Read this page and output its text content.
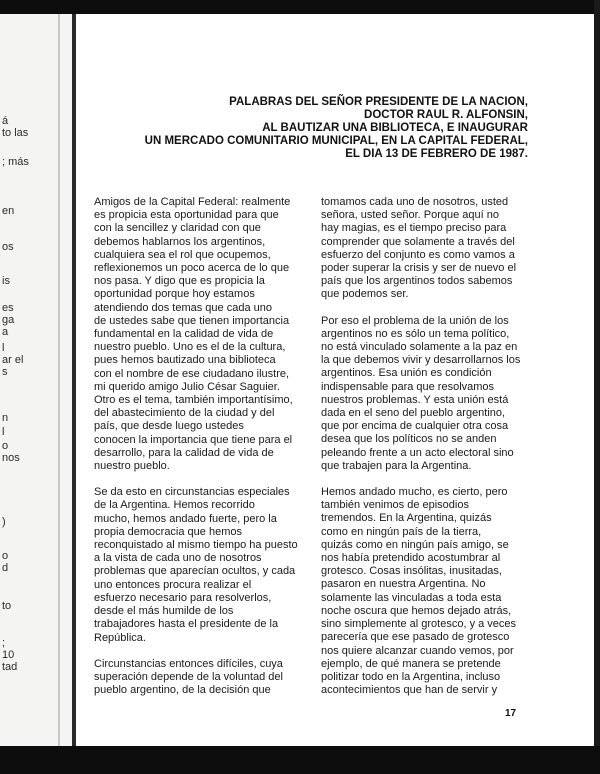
á
to las
; más
en
os
is
es
ga
a
l
ar el
s
n
l
o
nos
)
o
d
to
;
10
tad
PALABRAS DEL SEÑOR PRESIDENTE DE LA NACION,
DOCTOR RAUL R. ALFONSIN,
AL BAUTIZAR UNA BIBLIOTECA, E INAUGURAR
UN MERCADO COMUNITARIO MUNICIPAL, EN LA CAPITAL FEDERAL,
EL DIA 13 DE FEBRERO DE 1987.

Amigos de la Capital Federal: realmente
es propicia esta oportunidad para que
con la sencillez y claridad con que
debemos hablarnos los argentinos,
cualquiera sea el rol que ocupemos,
reflexionemos un poco acerca de lo que
nos pasa. Y digo que es propicia la
oportunidad porque hoy estamos
atendiendo dos temas que cada uno
de ustedes sabe que tienen importancia
fundamental en la calidad de vida de
nuestro pueblo. Uno es el de la cultura,
pues hemos bautizado una biblioteca
con el nombre de ese ciudadano ilustre,
mi querido amigo Julio César Saguier.
Otro es el tema, también importantísimo,
del abastecimiento de la ciudad y del
país, que desde luego ustedes
conocen la importancia que tiene para el
desarrollo, para la calidad de vida de
nuestro pueblo.

Se da esto en circunstancias especiales
de la Argentina. Hemos recorrido
mucho, hemos andado fuerte, pero la
propia democracia que hemos
reconquistado al mismo tiempo ha puesto
a la vista de cada uno de nosotros
problemas que aparecían ocultos, y cada
uno entonces procura realizar el
esfuerzo necesario para resolverlos,
desde el más humilde de los
trabajadores hasta el presidente de la
República.

Circunstancias entonces difíciles, cuya
superación depende de la voluntad del
pueblo argentino, de la decisión que

tomamos cada uno de nosotros, usted
señora, usted señor. Porque aquí no
hay magias, es el tiempo preciso para
comprender que solamente a través del
esfuerzo del conjunto es como vamos a
poder superar la crisis y ser de nuevo el
país que los argentinos todos sabemos
que podemos ser.

Por eso el problema de la unión de los
argentinos no es sólo un tema político,
no está vinculado solamente a la paz en
la que debemos vivir y desarrollarnos los
argentinos. Esa unión es condición
indispensable para que resolvamos
nuestros problemas. Y esta unión está
dada en el seno del pueblo argentino,
que por encima de cualquier otra cosa
desea que los políticos no se anden
peleando frente a un acto electoral sino
que trabajen para la Argentina.

Hemos andado mucho, es cierto, pero
también venimos de episodios
tremendos. En la Argentina, quizás
como en ningún país de la tierra,
quizás como en ningún país amigo, se
nos había pretendido acostumbrar al
grotesco. Cosas insólitas, inusitadas,
pasaron en nuestra Argentina. No
solamente las vinculadas a toda esta
noche oscura que hemos dejado atrás,
sino simplemente al grotesco, y a veces
parecería que ese pasado de grotesco
nos quiere alcanzar cuando vemos, por
ejemplo, de qué manera se pretende
politizar todo en la Argentina, incluso
acontecimientos que han de servir y

17
